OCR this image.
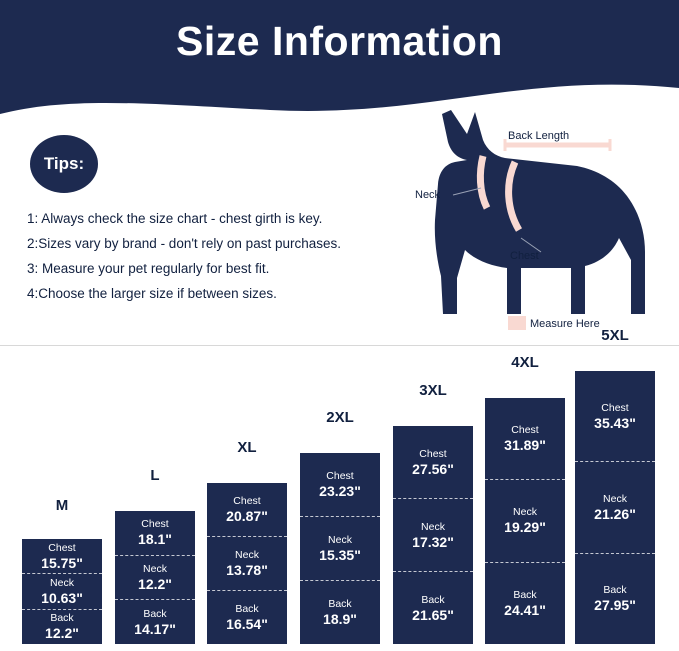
Size Information
Tips:
1: Always check the size chart - chest girth is key.
2:Sizes vary by brand - don't rely on past purchases.
3: Measure your pet regularly for best fit.
4:Choose the larger size if between sizes.
Back Length
Neck
Chest
Measure Here
M
Chest
15.75"
Neck
10.63"
Back
12.2"
L
Chest
18.1"
Neck
12.2"
Back
14.17"
XL
Chest
20.87"
Neck
13.78"
Back
16.54"
2XL
Chest
23.23"
Neck
15.35"
Back
18.9"
3XL
Chest
27.56"
Neck
17.32"
Back
21.65"
4XL
Chest
31.89"
Neck
19.29"
Back
24.41"
5XL
Chest
35.43"
Neck
21.26"
Back
27.95"
